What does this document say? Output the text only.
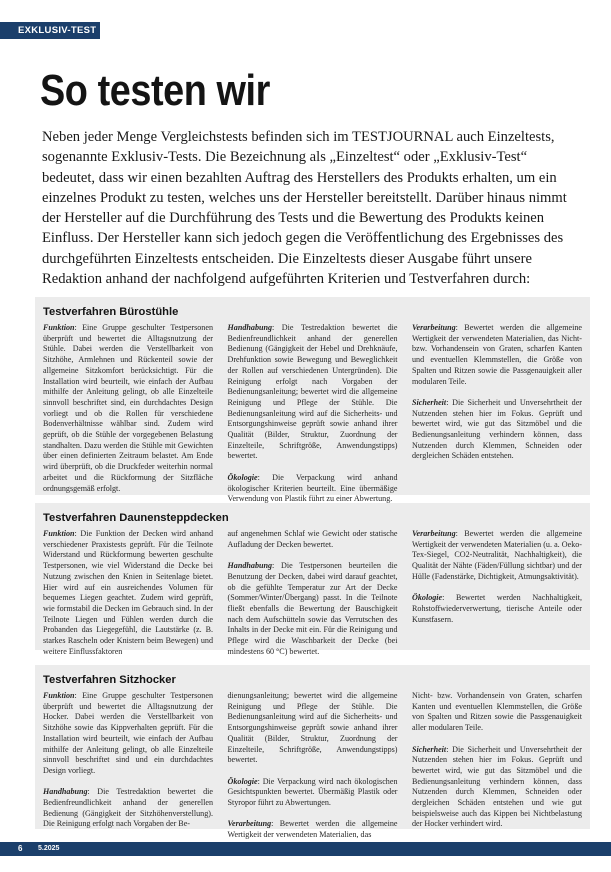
EXKLUSIV-TEST
So testen wir

Neben jeder Menge Vergleichstests befinden sich im TESTJOURNAL auch Einzeltests, sogenannte Exklusiv-Tests. Die Bezeichnung als „Einzeltest“ oder „Exklusiv-Test“ bedeutet, dass wir einen bezahlten Auftrag des Herstellers des Produkts erhalten, um ein einzelnes Produkt zu testen, welches uns der Hersteller bereitstellt. Darüber hinaus nimmt der Hersteller auf die Durchführung des Tests und die Bewertung des Produkts keinen Einfluss. Der Hersteller kann sich jedoch gegen die Veröffentlichung des Ergebnisses des durchgeführten Einzeltests entscheiden. Die Einzeltests dieser Ausgabe führt unsere Redaktion anhand der nachfolgend aufgeführten Kriterien und Testverfahren durch:

Testverfahren Bürostühle

Funktion: Eine Gruppe geschulter Testpersonen überprüft und bewertet die Alltagsnutzung der Stühle. Dabei werden die Verstellbarkeit von Sitzhöhe, Armlehnen und Rückenteil sowie der allgemeine Sitzkomfort berücksichtigt. Für die Installation wird beurteilt, wie einfach der Aufbau mithilfe der Anleitung gelingt, ob alle Einzelteile sinnvoll beschriftet sind, ein durchdachtes Design vorliegt und ob die Rollen für verschiedene Bodenverhältnisse wählbar sind. Zudem wird geprüft, ob die Stühle der vorgegebenen Belastung standhalten. Dazu werden die Stühle mit Gewichten über einen definierten Zeitraum belastet. Am Ende wird überprüft, ob die Druckfeder weiterhin normal arbeitet und die Rückformung der Sitzfläche ordnungsgemäß erfolgt.

Handhabung: Die Testredaktion bewertet die Bedienfreundlichkeit anhand der generellen Bedienung (Gängigkeit der Hebel und Drehknäufe, Drehfunktion sowie Bewegung und Beweglichkeit der Rollen auf verschiedenen Untergründen). Die Reinigung erfolgt nach Vorgaben der Bedienungsanleitung; bewertet wird die allgemeine Reinigung und Pflege der Stühle. Die Bedienungsanleitung wird auf die Sicherheits- und Entsorgungshinweise geprüft sowie anhand ihrer Qualität (Bilder, Struktur, Zuordnung der Einzelteile, Schriftgröße, Anwendungstipps) bewertet.

Ökologie: Die Verpackung wird anhand ökologischer Kriterien beurteilt. Eine übermäßige Verwendung von Plastik führt zu einer Abwertung.

Verarbeitung: Bewertet werden die allgemeine Wertigkeit der verwendeten Materialien, das Nicht- bzw. Vorhandensein von Graten, scharfen Kanten und eventuellen Klemmstellen, die Größe von Spalten und Ritzen sowie die Passgenauigkeit aller modularen Teile.

Sicherheit: Die Sicherheit und Unversehrtheit der Nutzenden stehen hier im Fokus. Geprüft und bewertet wird, wie gut das Sitzmöbel und die Bedienungsanleitung verhindern können, dass Nutzenden durch Klemmen, Schneiden oder dergleichen Schäden entstehen.

Testverfahren Daunensteppdecken

Funktion: Die Funktion der Decken wird anhand verschiedener Praxistests geprüft. Für die Teilnote Widerstand und Rückformung bewerten geschulte Testpersonen, wie viel Widerstand die Decke bei Nutzung zwischen den Knien in Seitenlage bietet. Hier wird auf ein ausreichendes Volumen für bequemes Liegen geachtet. Zudem wird geprüft, wie formstabil die Decken im Gebrauch sind. In der Teilnote Liegen und Fühlen werden durch die Probanden das Liegegefühl, die Lautstärke (z. B. starkes Rascheln oder Knistern beim Bewegen) und weitere Einflussfaktoren

auf angenehmen Schlaf wie Gewicht oder statische Aufladung der Decken bewertet.

Handhabung: Die Testpersonen beurteilen die Benutzung der Decken, dabei wird darauf geachtet, ob die gefühlte Temperatur zur Art der Decke (Sommer/Winter/Übergang) passt. In die Teilnote fließt ebenfalls die Bewertung der Bauschigkeit nach dem Aufschütteln sowie das Verrutschen des Inhalts in der Decke mit ein. Für die Reinigung und Pflege wird die Waschbarkeit der Decke (bei mindestens 60 °C) bewertet.

Verarbeitung: Bewertet werden die allgemeine Wertigkeit der verwendeten Materialien (u. a. Oeko-Tex-Siegel, CO2-Neutralität, Nachhaltigkeit), die Qualität der Nähte (Fäden/Füllung sichtbar) und der Hülle (Fadenstärke, Dichtigkeit, Atmungsaktivität).

Ökologie: Bewertet werden Nachhaltigkeit, Rohstoffwiederverwertung, tierische Anteile oder Kunstfasern.

Testverfahren Sitzhocker

Funktion: Eine Gruppe geschulter Testpersonen überprüft und bewertet die Alltagsnutzung der Hocker. Dabei werden die Verstellbarkeit von Sitzhöhe sowie das Kippverhalten geprüft. Für die Installation wird beurteilt, wie einfach der Aufbau mithilfe der Anleitung gelingt, ob alle Einzelteile sinnvoll beschriftet sind und ein durchdachtes Design vorliegt.

Handhabung: Die Testredaktion bewertet die Bedienfreundlichkeit anhand der generellen Bedienung (Gängigkeit der Sitzhöhenverstellung). Die Reinigung erfolgt nach Vorgaben der Be-

dienungsanleitung; bewertet wird die allgemeine Reinigung und Pflege der Stühle. Die Bedienungsanleitung wird auf die Sicherheits- und Entsorgungshinweise geprüft sowie anhand ihrer Qualität (Bilder, Struktur, Zuordnung der Einzelteile, Schriftgröße, Anwendungstipps) bewertet.

Ökologie: Die Verpackung wird nach ökologischen Gesichtspunkten bewertet. Übermäßig Plastik oder Styropor führt zu Abwertungen.

Verarbeitung: Bewertet werden die allgemeine Wertigkeit der verwendeten Materialien, das

Nicht- bzw. Vorhandensein von Graten, scharfen Kanten und eventuellen Klemmstellen, die Größe von Spalten und Ritzen sowie die Passgenauigkeit aller modularen Teile.

Sicherheit: Die Sicherheit und Unversehrtheit der Nutzenden stehen hier im Fokus. Geprüft und bewertet wird, wie gut das Sitzmöbel und die Bedienungsanleitung verhindern können, dass Nutzenden durch Klemmen, Schneiden oder dergleichen Schäden entstehen und wie gut beispielsweise auch das Kippen bei Nichtbelastung der Hocker verhindert wird.

6 5.2025
